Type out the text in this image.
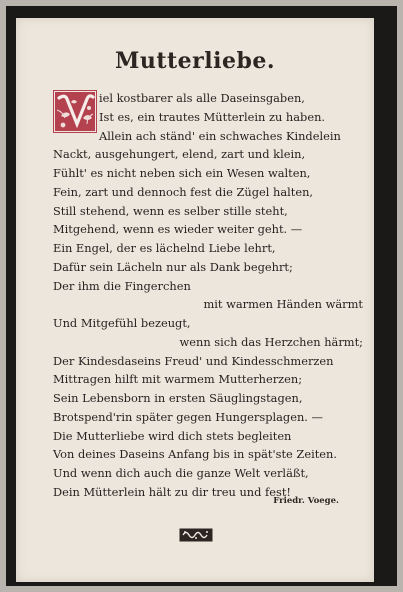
Mutterliebe.
iel kostbarer als alle Daseinsgaben,
Ist es, ein trautes Mütterlein zu haben.
Allein ach ständ' ein schwaches Kindelein
Nackt, ausgehungert, elend, zart und klein,
Fühlt' es nicht neben sich ein Wesen walten,
Fein, zart und dennoch fest die Zügel halten,
Still stehend, wenn es selber stille steht,
Mitgehend, wenn es wieder weiter geht. —
Ein Engel, der es lächelnd Liebe lehrt,
Dafür sein Lächeln nur als Dank begehrt;
Der ihm die Fingerchen
mit warmen Händen wärmt
Und Mitgefühl bezeugt,
wenn sich das Herzchen härmt;
Der Kindesdaseins Freud' und Kindesschmerzen
Mittragen hilft mit warmem Mutterherzen;
Sein Lebensborn in ersten Säuglingstagen,
Brotspend'rin später gegen Hungersplagen. —
Die Mutterliebe wird dich stets begleiten
Von deines Daseins Anfang bis in spät'ste Zeiten.
Und wenn dich auch die ganze Welt verläßt,
Dein Mütterlein hält zu dir treu und fest!
Friedr. Voege.
